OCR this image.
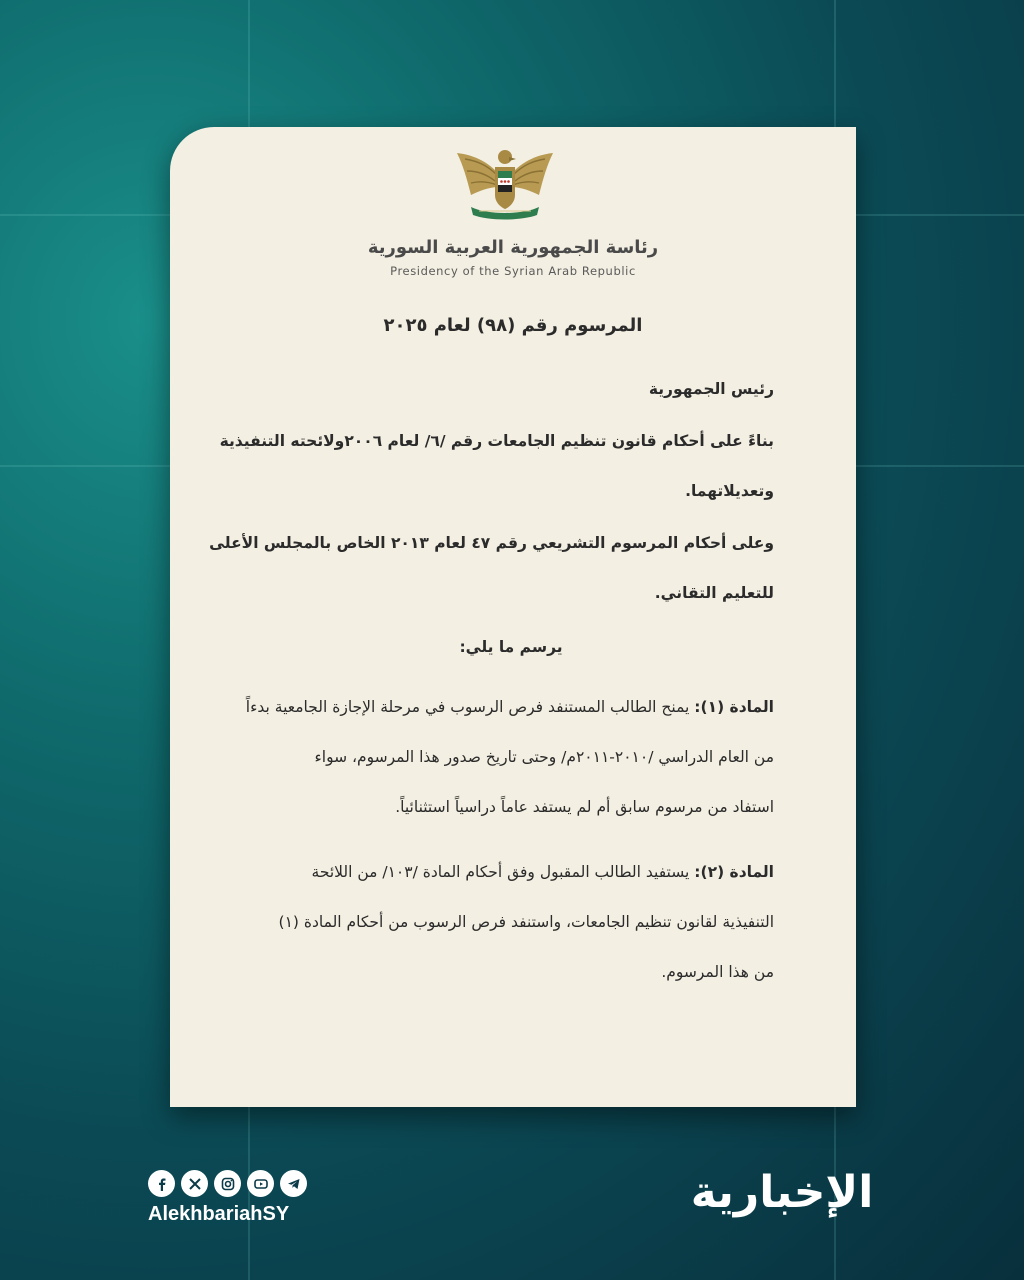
رئاسة الجمهورية العربية السورية
Presidency of the Syrian Arab Republic
المرسوم رقم (٩٨) لعام ٢٠٢٥
رئيس الجمهورية
بناءً على أحكام قانون تنظيم الجامعات رقم /٦/ لعام ٢٠٠٦ولائحته التنفيذية
وتعديلاتهما.
وعلى أحكام المرسوم التشريعي رقم ٤٧ لعام ٢٠١٣ الخاص بالمجلس الأعلى
للتعليم التقاني.
يرسم ما يلي:
المادة (١): يمنح الطالب المستنفد فرص الرسوب في مرحلة الإجازة الجامعية بدءاً
من العام الدراسي /٢٠١٠-٢٠١١م/ وحتى تاريخ صدور هذا المرسوم، سواء
استفاد من مرسوم سابق أم لم يستفد عاماً دراسياً استثنائياً.
المادة (٢): يستفيد الطالب المقبول وفق أحكام المادة /١٠٣/ من اللائحة
التنفيذية لقانون تنظيم الجامعات، واستنفد فرص الرسوب من أحكام المادة (١)
من هذا المرسوم.
AlekhbariahSY	الإخبارية
